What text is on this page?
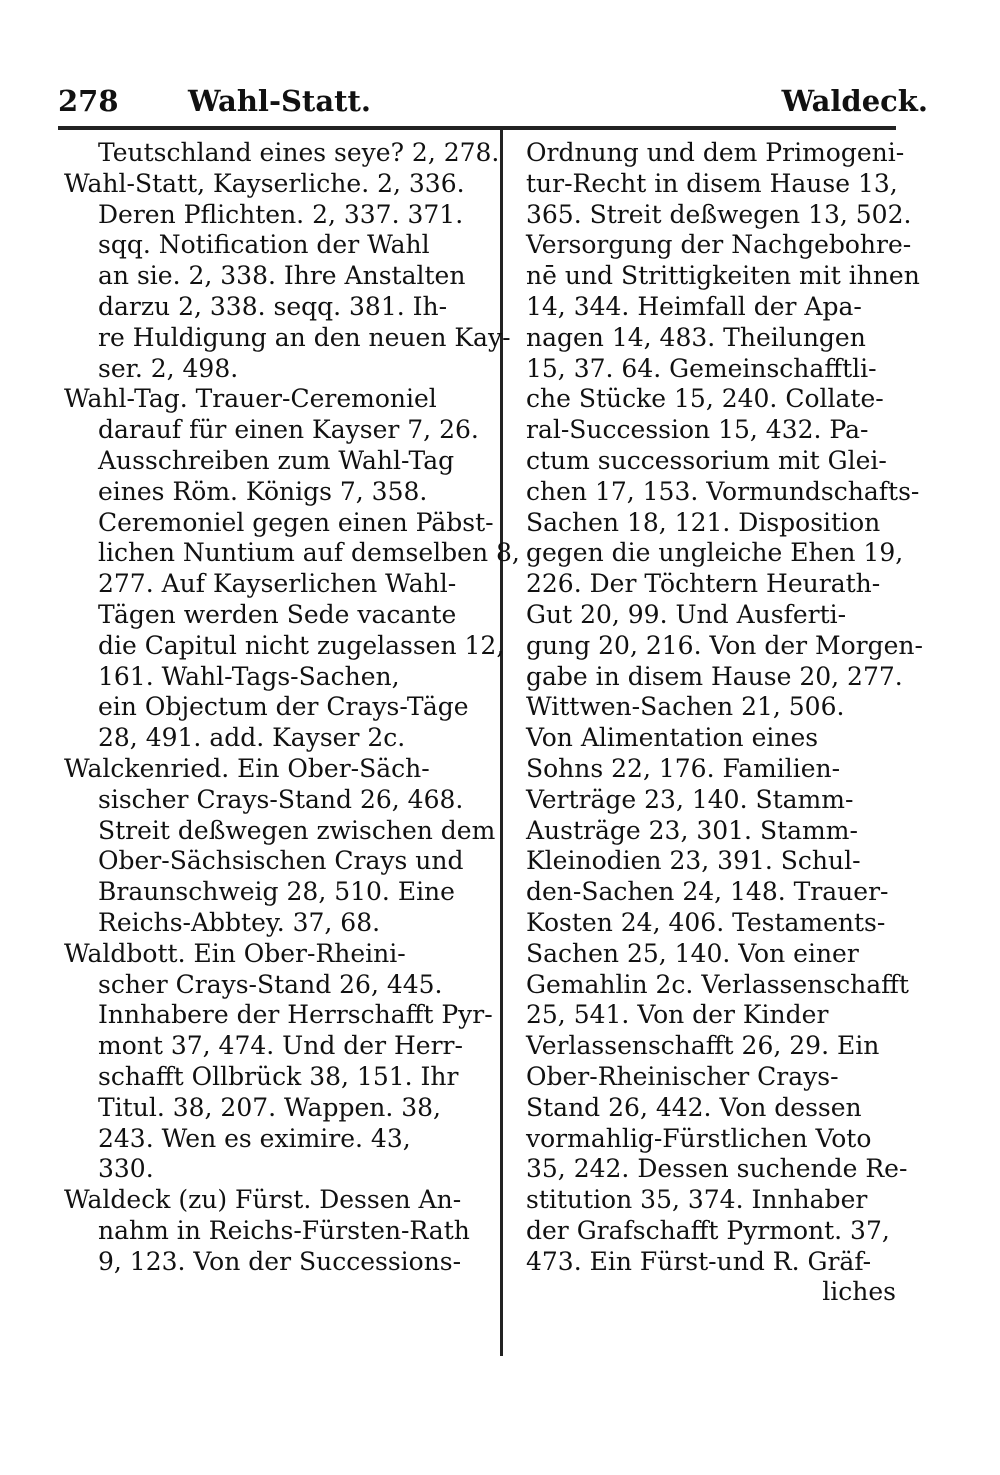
278 Wahl-Statt.	Waldeck.
Teutschland eines seye? 2, 278.
Wahl-Statt, Kayserliche. 2, 336.
Deren Pflichten. 2, 337. 371.
sqq. Notification der Wahl
an sie. 2, 338. Ihre Anstalten
darzu 2, 338. seqq. 381. Ih-
re Huldigung an den neuen Kay-
ser. 2, 498.
Wahl-Tag. Trauer-Ceremoniel
darauf für einen Kayser 7, 26.
Ausschreiben zum Wahl-Tag
eines Röm. Königs 7, 358.
Ceremoniel gegen einen Päbst-
lichen Nuntium auf demselben 8,
277. Auf Kayserlichen Wahl-
Tägen werden Sede vacante
die Capitul nicht zugelassen 12,
161. Wahl-Tags-Sachen,
ein Objectum der Crays-Täge
28, 491. add. Kayser 2c.
Walckenried. Ein Ober-Säch-
sischer Crays-Stand 26, 468.
Streit deßwegen zwischen dem
Ober-Sächsischen Crays und
Braunschweig 28, 510. Eine
Reichs-Abbtey. 37, 68.
Waldbott. Ein Ober-Rheini-
scher Crays-Stand 26, 445.
Innhabere der Herrschafft Pyr-
mont 37, 474. Und der Herr-
schafft Ollbrück 38, 151. Ihr
Titul. 38, 207. Wappen. 38,
243. Wen es eximire. 43,
330.
Waldeck (zu) Fürst. Dessen An-
nahm in Reichs-Fürsten-Rath
9, 123. Von der Successions-
Ordnung und dem Primogeni-
tur-Recht in disem Hause 13,
365. Streit deßwegen 13, 502.
Versorgung der Nachgebohre-
nē und Strittigkeiten mit ihnen
14, 344. Heimfall der Apa-
nagen 14, 483. Theilungen
15, 37. 64. Gemeinschafftli-
che Stücke 15, 240. Collate-
ral-Succession 15, 432. Pa-
ctum successorium mit Glei-
chen 17, 153. Vormundschafts-
Sachen 18, 121. Disposition
gegen die ungleiche Ehen 19,
226. Der Töchtern Heurath-
Gut 20, 99. Und Ausferti-
gung 20, 216. Von der Morgen-
gabe in disem Hause 20, 277.
Wittwen-Sachen 21, 506.
Von Alimentation eines
Sohns 22, 176. Familien-
Verträge 23, 140. Stamm-
Austräge 23, 301. Stamm-
Kleinodien 23, 391. Schul-
den-Sachen 24, 148. Trauer-
Kosten 24, 406. Testaments-
Sachen 25, 140. Von einer
Gemahlin 2c. Verlassenschafft
25, 541. Von der Kinder
Verlassenschafft 26, 29. Ein
Ober-Rheinischer Crays-
Stand 26, 442. Von dessen
vormahlig-Fürstlichen Voto
35, 242. Dessen suchende Re-
stitution 35, 374. Innhaber
der Grafschafft Pyrmont. 37,
473. Ein Fürst-und R. Gräf-
liches
